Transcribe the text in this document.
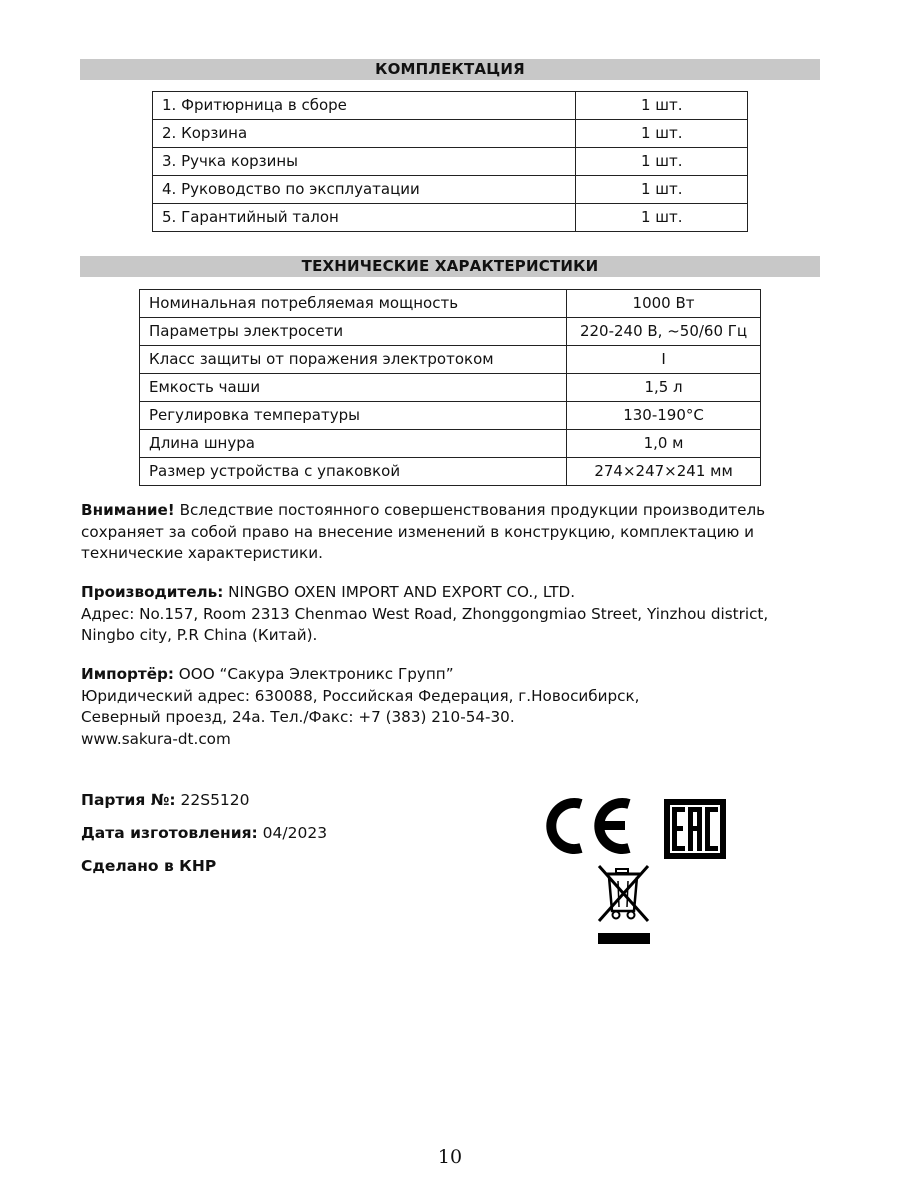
КОМПЛЕКТАЦИЯ
1. Фритюрница в сборе	1 шт.
2. Корзина	1 шт.
3. Ручка корзины	1 шт.
4. Руководство по эксплуатации	1 шт.
5. Гарантийный талон	1 шт.
ТЕХНИЧЕСКИЕ ХАРАКТЕРИСТИКИ
Номинальная потребляемая мощность	1000 Вт
Параметры электросети	220-240 В, ~50/60 Гц
Класс защиты от поражения электротоком	I
Емкость чаши	1,5 л
Регулировка температуры	130-190°С
Длина шнура	1,0 м
Размер устройства с упаковкой	274×247×241 мм
Внимание! Вследствие постоянного совершенствования продукции производитель
сохраняет за собой право на внесение изменений в конструкцию, комплектацию и
технические характеристики.
Производитель: NINGBO OXEN IMPORT AND EXPORT CO., LTD.
Адрес: No.157, Room 2313 Chenmao West Road, Zhonggongmiao Street, Yinzhou district,
Ningbo city, P.R China (Китай).
Импортёр: ООО “Сакура Электроникс Групп”
Юридический адрес: 630088, Российская Федерация, г.Новосибирск,
Северный проезд, 24а. Тел./Факс: +7 (383) 210-54-30.
www.sakura-dt.com
Партия №: 22S5120
Дата изготовления: 04/2023
Сделано в КНР
10
